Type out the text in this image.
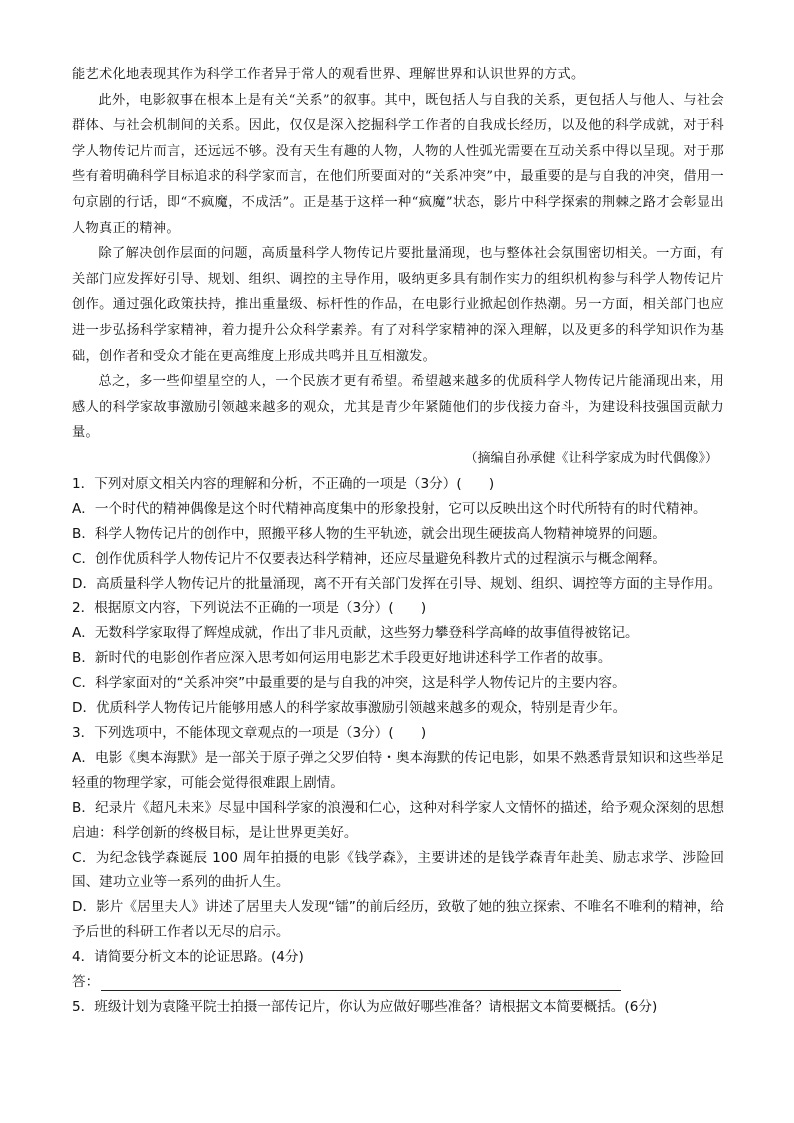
能艺术化地表现其作为科学工作者异于常人的观看世界、理解世界和认识世界的方式。

此外，电影叙事在根本上是有关“关系”的叙事。其中，既包括人与自我的关系，更包括人与他人、与社会群体、与社会机制间的关系。因此，仅仅是深入挖掘科学工作者的自我成长经历，以及他的科学成就，对于科学人物传记片而言，还远远不够。没有天生有趣的人物，人物的人性弧光需要在互动关系中得以呈现。对于那些有着明确科学目标追求的科学家而言，在他们所要面对的“关系冲突”中，最重要的是与自我的冲突，借用一句京剧的行话，即“不疯魔，不成活”。正是基于这样一种“疯魔”状态，影片中科学探索的荆棘之路才会彰显出人物真正的精神。

除了解决创作层面的问题，高质量科学人物传记片要批量涌现，也与整体社会氛围密切相关。一方面，有关部门应发挥好引导、规划、组织、调控的主导作用，吸纳更多具有制作实力的组织机构参与科学人物传记片创作。通过强化政策扶持，推出重量级、标杆性的作品，在电影行业掀起创作热潮。另一方面，相关部门也应进一步弘扬科学家精神，着力提升公众科学素养。有了对科学家精神的深入理解，以及更多的科学知识作为基础，创作者和受众才能在更高维度上形成共鸣并且互相激发。

总之，多一些仰望星空的人，一个民族才更有希望。希望越来越多的优质科学人物传记片能涌现出来，用感人的科学家故事激励引领越来越多的观众，尤其是青少年紧随他们的步伐接力奋斗，为建设科技强国贡献力量。

（摘编自孙承健《让科学家成为时代偶像》）

1．下列对原文相关内容的理解和分析，不正确的一项是（3分）(　　)

A．一个时代的精神偶像是这个时代精神高度集中的形象投射，它可以反映出这个时代所特有的时代精神。

B．科学人物传记片的创作中，照搬平移人物的生平轨迹，就会出现生硬拔高人物精神境界的问题。

C．创作优质科学人物传记片不仅要表达科学精神，还应尽量避免科教片式的过程演示与概念阐释。

D．高质量科学人物传记片的批量涌现，离不开有关部门发挥在引导、规划、组织、调控等方面的主导作用。

2．根据原文内容，下列说法不正确的一项是（3分）(　　)

A．无数科学家取得了辉煌成就，作出了非凡贡献，这些努力攀登科学高峰的故事值得被铭记。

B．新时代的电影创作者应深入思考如何运用电影艺术手段更好地讲述科学工作者的故事。

C．科学家面对的“关系冲突”中最重要的是与自我的冲突，这是科学人物传记片的主要内容。

D．优质科学人物传记片能够用感人的科学家故事激励引领越来越多的观众，特别是青少年。

3．下列选项中，不能体现文章观点的一项是（3分）(　　)

A．电影《奥本海默》是一部关于原子弹之父罗伯特・奥本海默的传记电影，如果不熟悉背景知识和这些举足轻重的物理学家，可能会觉得很难跟上剧情。

B．纪录片《超凡未来》尽显中国科学家的浪漫和仁心，这种对科学家人文情怀的描述，给予观众深刻的思想启迪：科学创新的终极目标，是让世界更美好。

C．为纪念钱学森诞辰 100 周年拍摄的电影《钱学森》，主要讲述的是钱学森青年赴美、励志求学、涉险回国、建功立业等一系列的曲折人生。

D．影片《居里夫人》讲述了居里夫人发现“镭”的前后经历，致敬了她的独立探索、不唯名不唯利的精神，给予后世的科研工作者以无尽的启示。

4．请简要分析文本的论证思路。(4分)

答：

5．班级计划为袁隆平院士拍摄一部传记片，你认为应做好哪些准备？请根据文本简要概括。(6分)
